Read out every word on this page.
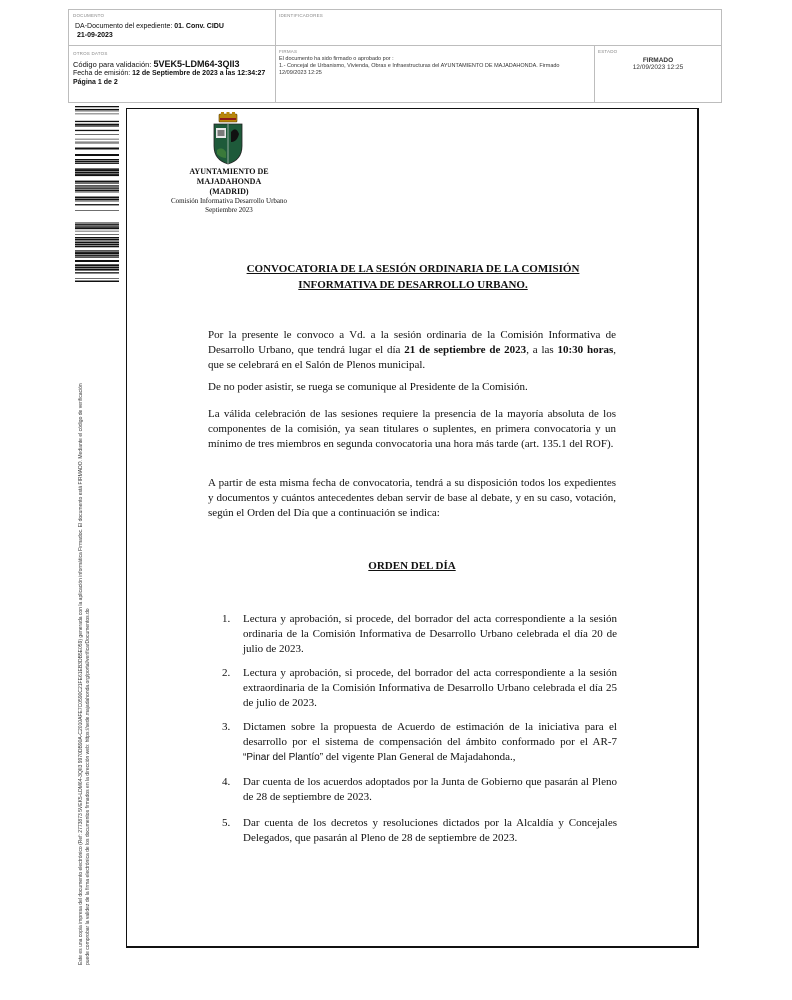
DOCUMENTO
DA-Documento del expediente: 01. Conv. CIDU
21-09-2023
IDENTIFICADORES
OTROS DATOS
Código para validación: 5VEK5-LDM64-3QII3
Fecha de emisión: 12 de Septiembre de 2023 a las 12:34:27
Página 1 de 2
FIRMAS
El documento ha sido firmado o aprobado por :
1.- Concejal de Urbanismo, Vivienda, Obras e Infraestructuras del AYUNTAMIENTO DE MAJADAHONDA. Firmado
12/09/2023 12:25
ESTADO
FIRMADO
12/09/2023 12:25
Este es una copia impresa del documento electrónico (Ref: 2773873 5VEK5-LDM64-3QII3 9970DB90A-C2010AFE7C0590C21FE61EB3DB5E059) generada con la aplicación informática Firmadoc. El documento está FIRMADO. Mediante el código de verificación puede comprobar la validez de la firma electrónica de los documentos firmados en la dirección web: https://sede.majadahonda.org/portal/verificarDocumentos.do
AYUNTAMIENTO DE
MAJADAHONDA
(MADRID)
Comisión Informativa Desarrollo Urbano
Septiembre 2023
CONVOCATORIA DE LA SESIÓN ORDINARIA DE LA COMISIÓN
INFORMATIVA DE DESARROLLO URBANO.
Por la presente le convoco a Vd. a la sesión ordinaria de la Comisión Informativa de Desarrollo Urbano, que tendrá lugar el día 21 de septiembre de 2023, a las 10:30 horas, que se celebrará en el Salón de Plenos municipal.
De no poder asistir, se ruega se comunique al Presidente de la Comisión.
La válida celebración de las sesiones requiere la presencia de la mayoría absoluta de los componentes de la comisión, ya sean titulares o suplentes, en primera convocatoria y un mínimo de tres miembros en segunda convocatoria una hora más tarde (art. 135.1 del ROF).
A partir de esta misma fecha de convocatoria, tendrá a su disposición todos los expedientes y documentos y cuántos antecedentes deban servir de base al debate, y en su caso, votación, según el Orden del Día que a continuación se indica:
ORDEN DEL DÍA
1.	Lectura y aprobación, si procede, del borrador del acta correspondiente a la sesión ordinaria de la Comisión Informativa de Desarrollo Urbano celebrada el día 20 de julio de 2023.
2.	Lectura y aprobación, si procede, del borrador del acta correspondiente a la sesión extraordinaria de la Comisión Informativa de Desarrollo Urbano celebrada el día 25 de julio de 2023.
3.	Dictamen sobre la propuesta de Acuerdo de estimación de la iniciativa para el desarrollo por el sistema de compensación del ámbito conformado por el AR-7 “Pinar del Plantío” del vigente Plan General de Majadahonda.,
4.	Dar cuenta de los acuerdos adoptados por la Junta de Gobierno que pasarán al Pleno de 28 de septiembre de 2023.
5.	Dar cuenta de los decretos y resoluciones dictados por la Alcaldía y Concejales Delegados, que pasarán al Pleno de 28 de septiembre de 2023.
